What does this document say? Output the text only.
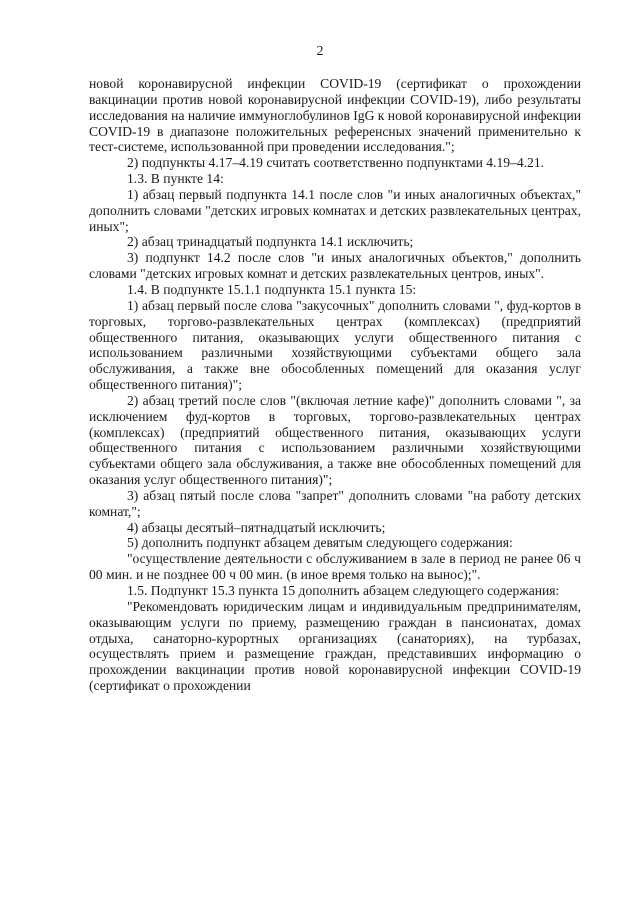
2

новой коронавирусной инфекции COVID-19 (сертификат о прохождении вакцинации против новой коронавирусной инфекции COVID-19), либо результаты исследования на наличие иммуноглобулинов IgG к новой коронавирусной инфекции COVID-19 в диапазоне положительных референсных значений применительно к тест-системе, использованной при проведении исследования.";

2) подпункты 4.17–4.19 считать соответственно подпунктами 4.19–4.21.

1.3. В пункте 14:

1) абзац первый подпункта 14.1 после слов "и иных аналогичных объектах," дополнить словами "детских игровых комнатах и детских развлекательных центрах, иных";

2) абзац тринадцатый подпункта 14.1 исключить;

3) подпункт 14.2 после слов "и иных аналогичных объектов," дополнить словами "детских игровых комнат и детских развлекательных центров, иных".

1.4. В подпункте 15.1.1 подпункта 15.1 пункта 15:

1) абзац первый после слова "закусочных" дополнить словами ", фуд-кортов в торговых, торгово-развлекательных центрах (комплексах) (предприятий общественного питания, оказывающих услуги общественного питания с использованием различными хозяйствующими субъектами общего зала обслуживания, а также вне обособленных помещений для оказания услуг общественного питания)";

2) абзац третий после слов "(включая летние кафе)" дополнить словами ", за исключением фуд-кортов в торговых, торгово-развлекательных центрах (комплексах) (предприятий общественного питания, оказывающих услуги общественного питания с использованием различными хозяйствующими субъектами общего зала обслуживания, а также вне обособленных помещений для оказания услуг общественного питания)";

3) абзац пятый после слова "запрет" дополнить словами "на работу детских комнат,";

4) абзацы десятый–пятнадцатый исключить;

5) дополнить подпункт абзацем девятым следующего содержания:

"осуществление деятельности с обслуживанием в зале в период не ранее 06 ч 00 мин. и не позднее 00 ч 00 мин. (в иное время только на вынос);".

1.5. Подпункт 15.3 пункта 15 дополнить абзацем следующего содержания:

"Рекомендовать юридическим лицам и индивидуальным предпринимателям, оказывающим услуги по приему, размещению граждан в пансионатах, домах отдыха, санаторно-курортных организациях (санаториях), на турбазах, осуществлять прием и размещение граждан, представивших информацию о прохождении вакцинации против новой коронавирусной инфекции COVID-19 (сертификат о прохождении
